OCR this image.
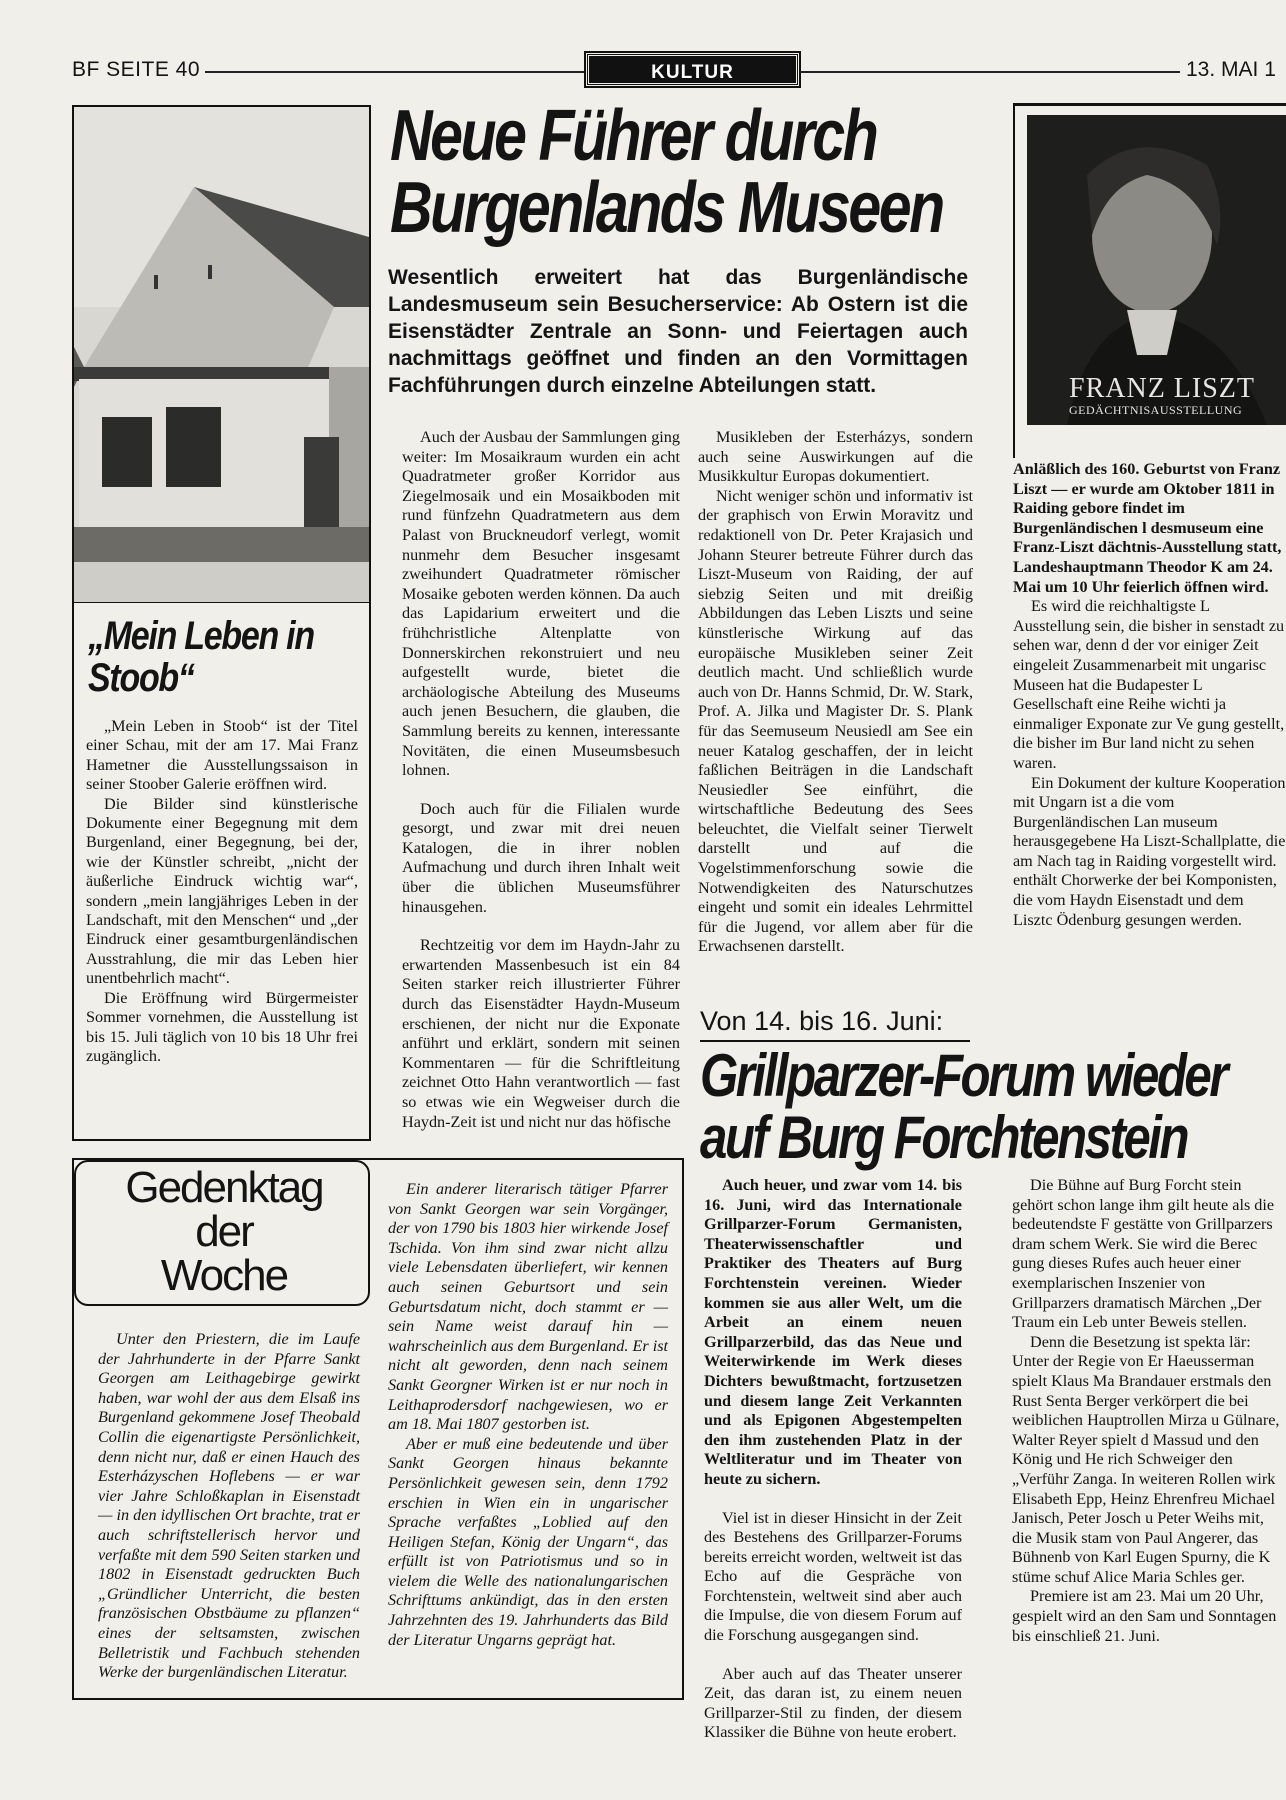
BF SEITE 40	KULTUR	13. MAI 1
„Mein Leben in Stoob“

„Mein Leben in Stoob“ ist der Titel einer Schau, mit der am 17. Mai Franz Hametner die Ausstellungssaison in seiner Stoober Galerie eröffnen wird.

Die Bilder sind künstlerische Dokumente einer Begegnung mit dem Burgenland, einer Begegnung, bei der, wie der Künstler schreibt, „nicht der äußerliche Eindruck wichtig war“, sondern „mein langjähriges Leben in der Landschaft, mit den Menschen“ und „der Eindruck einer gesamtburgenländischen Ausstrahlung, die mir das Leben hier unentbehrlich macht“.

Die Eröffnung wird Bürgermeister Sommer vornehmen, die Ausstellung ist bis 15. Juli täglich von 10 bis 18 Uhr frei zugänglich.

Neue Führer durch
Burgenlands Museen
Wesentlich erweitert hat das Burgenländische Landesmuseum sein Besucherservice: Ab Ostern ist die Eisenstädter Zentrale an Sonn- und Feiertagen auch nachmittags geöffnet und finden an den Vormittagen Fachführungen durch einzelne Abteilungen statt.

Auch der Ausbau der Sammlungen ging weiter: Im Mosaikraum wurden ein acht Quadratmeter großer Korridor aus Ziegelmosaik und ein Mosaikboden mit rund fünfzehn Quadratmetern aus dem Palast von Bruckneudorf verlegt, womit nunmehr dem Besucher insgesamt zweihundert Quadratmeter römischer Mosaike geboten werden können. Da auch das Lapidarium erweitert und die frühchristliche Altenplatte von Donnerskirchen rekonstruiert und neu aufgestellt wurde, bietet die archäologische Abteilung des Museums auch jenen Besuchern, die glauben, die Sammlung bereits zu kennen, interessante Novitäten, die einen Museumsbesuch lohnen.

Doch auch für die Filialen wurde gesorgt, und zwar mit drei neuen Katalogen, die in ihrer noblen Aufmachung und durch ihren Inhalt weit über die üblichen Museumsführer hinausgehen.

Rechtzeitig vor dem im Haydn-Jahr zu erwartenden Massenbesuch ist ein 84 Seiten starker reich illustrierter Führer durch das Eisenstädter Haydn-Museum erschienen, der nicht nur die Exponate anführt und erklärt, sondern mit seinen Kommentaren — für die Schriftleitung zeichnet Otto Hahn verantwortlich — fast so etwas wie ein Wegweiser durch die Haydn-Zeit ist und nicht nur das höfische

Musikleben der Esterházys, sondern auch seine Auswirkungen auf die Musikkultur Europas dokumentiert.

Nicht weniger schön und informativ ist der graphisch von Erwin Moravitz und redaktionell von Dr. Peter Krajasich und Johann Steurer betreute Führer durch das Liszt-Museum von Raiding, der auf siebzig Seiten und mit dreißig Abbildungen das Leben Liszts und seine künstlerische Wirkung auf das europäische Musikleben seiner Zeit deutlich macht. Und schließlich wurde auch von Dr. Hanns Schmid, Dr. W. Stark, Prof. A. Jilka und Magister Dr. S. Plank für das Seemuseum Neusiedl am See ein neuer Katalog geschaffen, der in leicht faßlichen Beiträgen in die Landschaft Neusiedler See einführt, die wirtschaftliche Bedeutung des Sees beleuchtet, die Vielfalt seiner Tierwelt darstellt und auf die Vogelstimmenforschung sowie die Notwendigkeiten des Naturschutzes eingeht und somit ein ideales Lehrmittel für die Jugend, vor allem aber für die Erwachsenen darstellt.

FRANZ LISZT
GEDÄCHTNISAUSSTELLUNG

Anläßlich des 160. Geburtst von Franz Liszt — er wurde am Oktober 1811 in Raiding gebore findet im Burgenländischen l desmuseum eine Franz-Liszt dächtnis-Ausstellung statt, Landeshauptmann Theodor K am 24. Mai um 10 Uhr feierlich öffnen wird.

Es wird die reichhaltigste L Ausstellung sein, die bisher in senstadt zu sehen war, denn d der vor einiger Zeit eingeleit Zusammenarbeit mit ungarisc Museen hat die Budapester L Gesellschaft eine Reihe wichti ja einmaliger Exponate zur Ve gung gestellt, die bisher im Bur land nicht zu sehen waren.

Ein Dokument der kulture Kooperation mit Ungarn ist a die vom Burgenländischen Lan museum herausgegebene Ha Liszt-Schallplatte, die am Nach tag in Raiding vorgestellt wird. enthält Chorwerke der bei Komponisten, die vom Haydn Eisenstadt und dem Lisztc Ödenburg gesungen werden.

Von 14. bis 16. Juni:
Grillparzer-Forum wieder
auf Burg Forchtenstein

Auch heuer, und zwar vom 14. bis 16. Juni, wird das Internationale Grillparzer-Forum Germanisten, Theaterwissenschaftler und Praktiker des Theaters auf Burg Forchtenstein vereinen. Wieder kommen sie aus aller Welt, um die Arbeit an einem neuen Grillparzerbild, das das Neue und Weiterwirkende im Werk dieses Dichters bewußtmacht, fortzusetzen und diesem lange Zeit Verkannten und als Epigonen Abgestempelten den ihm zustehenden Platz in der Weltliteratur und im Theater von heute zu sichern.

Viel ist in dieser Hinsicht in der Zeit des Bestehens des Grillparzer-Forums bereits erreicht worden, weltweit ist das Echo auf die Gespräche von Forchtenstein, weltweit sind aber auch die Impulse, die von diesem Forum auf die Forschung ausgegangen sind.

Aber auch auf das Theater unserer Zeit, das daran ist, zu einem neuen Grillparzer-Stil zu finden, der diesem Klassiker die Bühne von heute erobert.

Die Bühne auf Burg Forcht stein gehört schon lange ihm gilt heute als die bedeutendste F gestätte von Grillparzers dram schem Werk. Sie wird die Berec gung dieses Rufes auch heuer einer exemplarischen Inszenier von Grillparzers dramatisch Märchen „Der Traum ein Leb unter Beweis stellen.

Denn die Besetzung ist spekta lär: Unter der Regie von Er Haeusserman spielt Klaus Ma Brandauer erstmals den Rust Senta Berger verkörpert die bei weiblichen Hauptrollen Mirza u Gülnare, Walter Reyer spielt d Massud und den König und He rich Schweiger den „Verführ Zanga. In weiteren Rollen wirk Elisabeth Epp, Heinz Ehrenfreu Michael Janisch, Peter Josch u Peter Weihs mit, die Musik stam von Paul Angerer, das Bühnenb von Karl Eugen Spurny, die K stüme schuf Alice Maria Schles ger.

Premiere ist am 23. Mai um 20 Uhr, gespielt wird an den Sam und Sonntagen bis einschließ 21. Juni.

Gedenktag
der
Woche

Unter den Priestern, die im Laufe der Jahrhunderte in der Pfarre Sankt Georgen am Leithagebirge gewirkt haben, war wohl der aus dem Elsaß ins Burgenland gekommene Josef Theobald Collin die eigenartigste Persönlichkeit, denn nicht nur, daß er einen Hauch des Esterházyschen Hoflebens — er war vier Jahre Schloßkaplan in Eisenstadt — in den idyllischen Ort brachte, trat er auch schriftstellerisch hervor und verfaßte mit dem 590 Seiten starken und 1802 in Eisenstadt gedruckten Buch „Gründlicher Unterricht, die besten französischen Obstbäume zu pflanzen“ eines der seltsamsten, zwischen Belletristik und Fachbuch stehenden Werke der burgenländischen Literatur.

Ein anderer literarisch tätiger Pfarrer von Sankt Georgen war sein Vorgänger, der von 1790 bis 1803 hier wirkende Josef Tschida. Von ihm sind zwar nicht allzu viele Lebensdaten überliefert, wir kennen auch seinen Geburtsort und sein Geburtsdatum nicht, doch stammt er — sein Name weist darauf hin — wahrscheinlich aus dem Burgenland. Er ist nicht alt geworden, denn nach seinem Sankt Georgner Wirken ist er nur noch in Leithaprodersdorf nachgewiesen, wo er am 18. Mai 1807 gestorben ist.

Aber er muß eine bedeutende und über Sankt Georgen hinaus bekannte Persönlichkeit gewesen sein, denn 1792 erschien in Wien ein in ungarischer Sprache verfaßtes „Loblied auf den Heiligen Stefan, König der Ungarn“, das erfüllt ist von Patriotismus und so in vielem die Welle des nationalungarischen Schrifttums ankündigt, das in den ersten Jahrzehnten des 19. Jahrhunderts das Bild der Literatur Ungarns geprägt hat.
